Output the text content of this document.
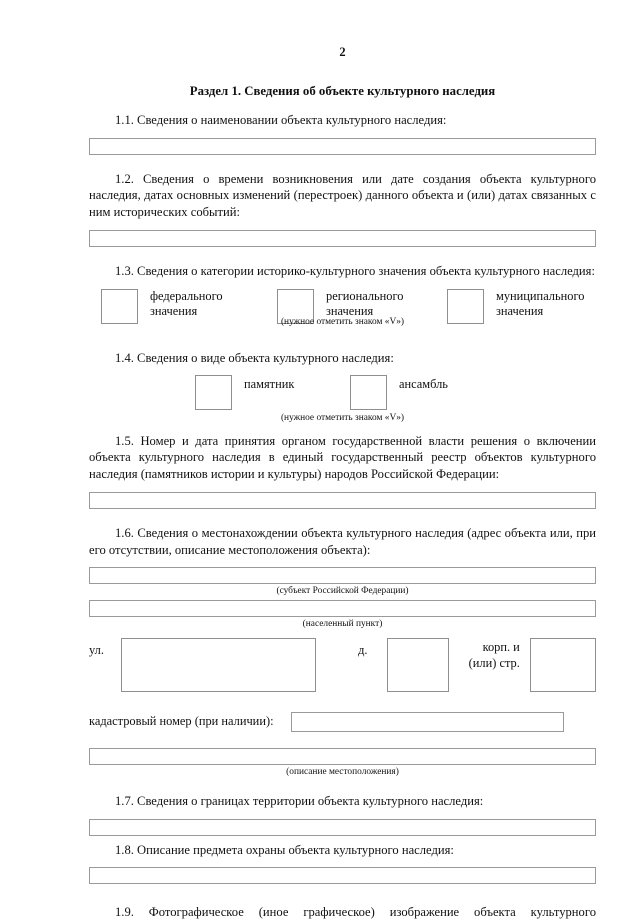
2
Раздел 1. Сведения об объекте культурного наследия

1.1. Сведения о наименовании объекта культурного наследия:

1.2. Сведения о времени возникновения или дате создания объекта культурного наследия, датах основных изменений (перестроек) данного объекта и (или) датах связанных с ним исторических событий:

1.3. Сведения о категории историко-культурного значения объекта культурного наследия:

федерального
значения
регионального
значения
муниципального
значения
(нужное отметить знаком «V»)

1.4. Сведения о виде объекта культурного наследия:

памятник	ансамбль
(нужное отметить знаком «V»)

1.5. Номер и дата принятия органом государственной власти решения о включении объекта культурного наследия в единый государственный реестр объектов культурного наследия (памятников истории и культуры) народов Российской Федерации:

1.6. Сведения о местонахождении объекта культурного наследия (адрес объекта или, при его отсутствии, описание местоположения объекта):

(субъект Российской Федерации)
(населенный пункт)
ул.	д.	корп. и
(или) стр.
кадастровый номер (при наличии):
(описание местоположения)

1.7. Сведения о границах территории объекта культурного наследия:

1.8. Описание предмета охраны объекта культурного наследия:

1.9. Фотографическое (иное графическое) изображение объекта культурного
